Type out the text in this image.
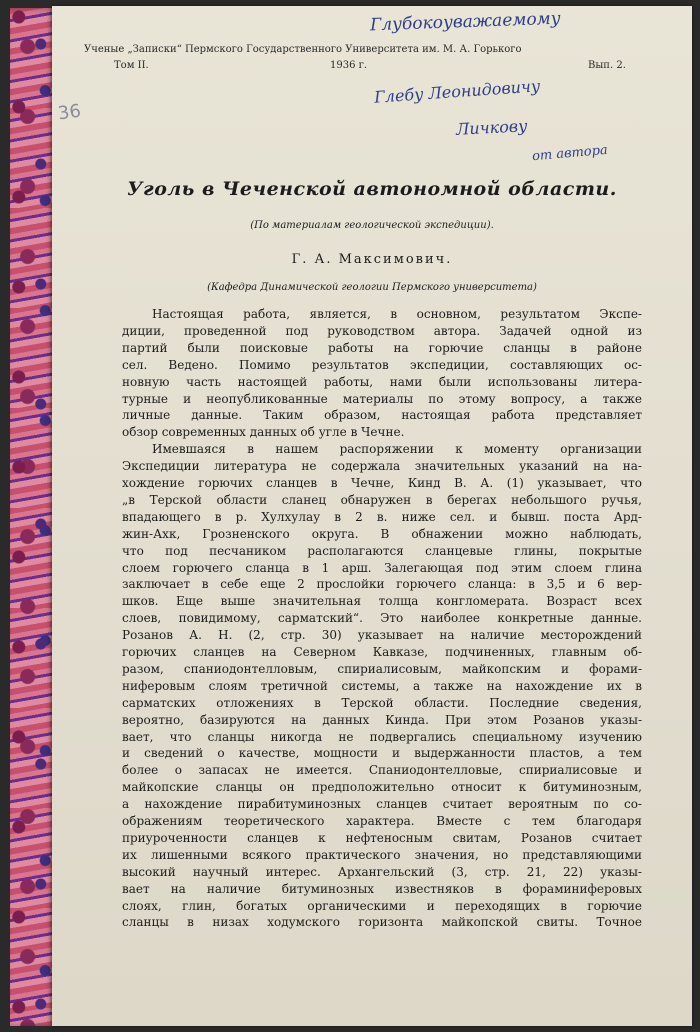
Ученые „Записки“ Пермского Государственного Университета им. М. А. Горького
Том II.	1936 г.	Вып. 2.
36
Глубокоуважаемому
Глебу Леонидовичу
Личкову
от автора
Уголь в Чеченской автономной области.
(По материалам геологической экспедиции).
Г. А. Максимович.
(Кафедра Динамической геологии Пермского университета)
Настоящая работа, является, в основном, результатом Экспе-
диции, проведенной под руководством автора. Задачей одной из
партий были поисковые работы на горючие сланцы в районе
сел. Ведено. Помимо результатов экспедиции, составляющих ос-
новную часть настоящей работы, нами были использованы литера-
турные и неопубликованные материалы по этому вопросу, а также
личные данные. Таким образом, настоящая работа представляет
обзор современных данных об угле в Чечне.
Имевшаяся в нашем распоряжении к моменту организации
Экспедиции литература не содержала значительных указаний на на-
хождение горючих сланцев в Чечне, Кинд В. А. (1) указывает, что
„в Терской области сланец обнаружен в берегах небольшого ручья,
впадающего в р. Хулхулау в 2 в. ниже сел. и бывш. поста Ард-
жин-Ахк, Грозненского округа. В обнажении можно наблюдать,
что под песчаником располагаются сланцевые глины, покрытые
слоем горючего сланца в 1 арш. Залегающая под этим слоем глина
заключает в себе еще 2 прослойки горючего сланца: в 3,5 и 6 вер-
шков. Еще выше значительная толща конгломерата. Возраст всех
слоев, повидимому, сарматский“. Это наиболее конкретные данные.
Розанов А. Н. (2, стр. 30) указывает на наличие месторождений
горючих сланцев на Северном Кавказе, подчиненных, главным об-
разом, спаниодонтелловым, спириалисовым, майкопским и форами-
ниферовым слоям третичной системы, а также на нахождение их в
сарматских отложениях в Терской области. Последние сведения,
вероятно, базируются на данных Кинда. При этом Розанов указы-
вает, что сланцы никогда не подвергались специальному изучению
и сведений о качестве, мощности и выдержанности пластов, а тем
более о запасах не имеется. Спаниодонтелловые, спириалисовые и
майкопские сланцы он предположительно относит к битуминозным,
а нахождение пирабитуминозных сланцев считает вероятным по со-
ображениям теоретического характера. Вместе с тем благодаря
приуроченности сланцев к нефтеносным свитам, Розанов считает
их лишенными всякого практического значения, но представляющими
высокий научный интерес. Архангельский (3, стр. 21, 22) указы-
вает на наличие битуминозных известняков в фораминиферовых
слоях, глин, богатых органическими и переходящих в горючие
сланцы в низах ходумского горизонта майкопской свиты. Точное
